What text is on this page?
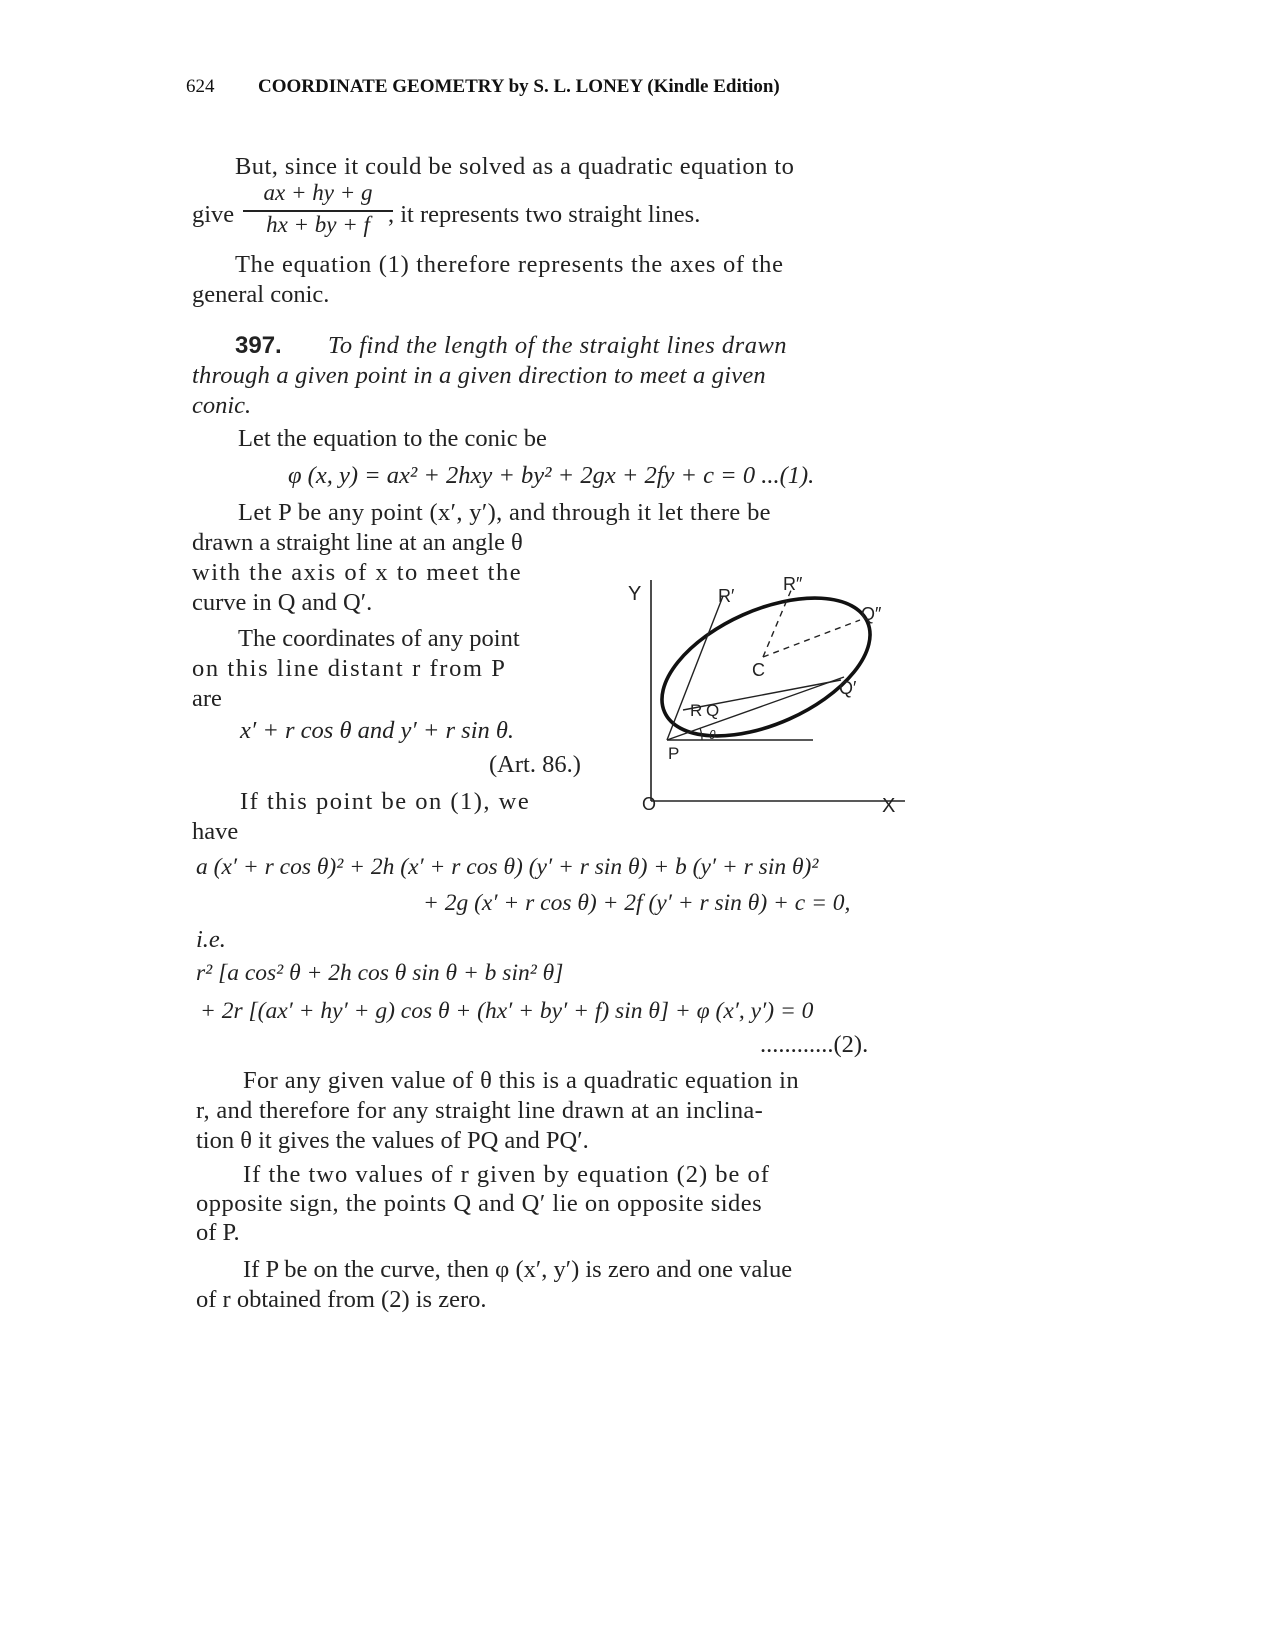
624 COORDINATE GEOMETRY by S. L. LONEY (Kindle Edition)
But, since it could be solved as a quadratic equation to
give
ax + hy + g
hx + by + f , it represents two straight lines.
The equation (1) therefore represents the axes of the
general conic.
397. To find the length of the straight lines drawn
through a given point in a given direction to meet a given
conic.
Let the equation to the conic be
φ (x, y) = ax² + 2hxy + by² + 2gx + 2fy + c = 0 ...(1).
Let P be any point (x′, y′), and through it let there be
drawn a straight line at an angle θ
with the axis of x to meet the
curve in Q and Q′.
The coordinates of any point
on this line distant r from P
are
x′ + r cos θ and y′ + r sin θ.
(Art. 86.)
If this point be on (1), we
have
a (x′ + r cos θ)² + 2h (x′ + r cos θ) (y′ + r sin θ) + b (y′ + r sin θ)²
+ 2g (x′ + r cos θ) + 2f (y′ + r sin θ) + c = 0,
i.e.
r² [a cos² θ + 2h cos θ sin θ + b sin² θ]
+ 2r [(ax′ + hy′ + g) cos θ + (hx′ + by′ + f) sin θ] + φ (x′, y′) = 0
............(2).
For any given value of θ this is a quadratic equation in
r, and therefore for any straight line drawn at an inclina-
tion θ it gives the values of PQ and PQ′.
If the two values of r given by equation (2) be of
opposite sign, the points Q and Q′ lie on opposite sides
of P.
If P be on the curve, then φ (x′, y′) is zero and one value
of r obtained from (2) is zero.
Y
X
O
P
R Q
R′
R″
Q″
Q′
C
θ
